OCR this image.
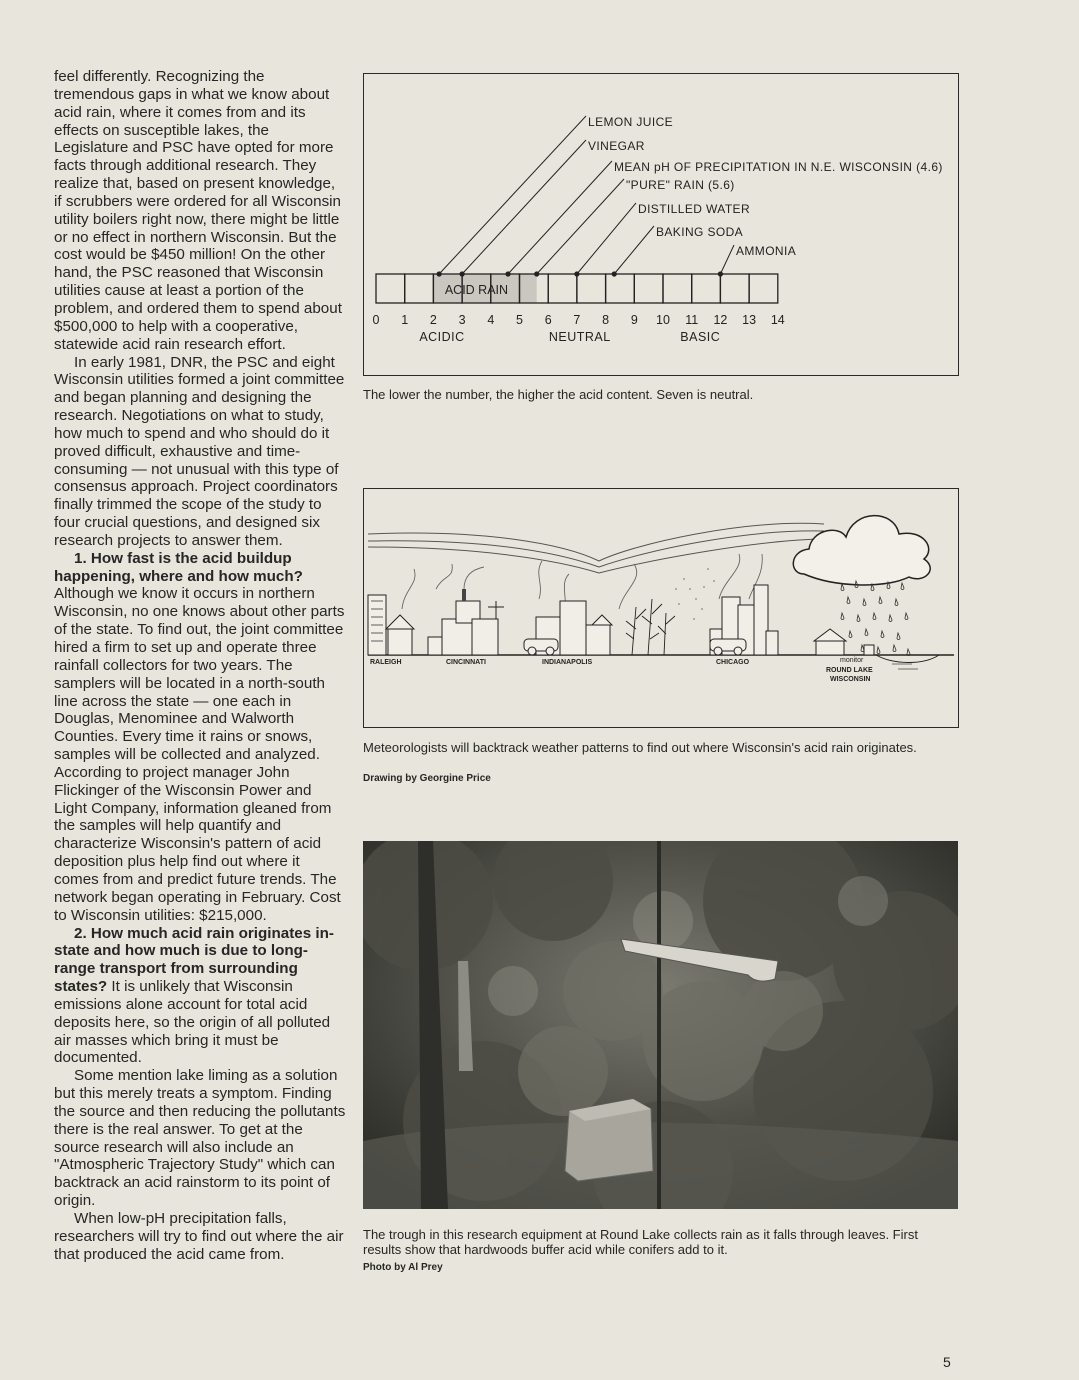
feel differently. Recognizing the tremendous gaps in what we know about acid rain, where it comes from and its effects on susceptible lakes, the Legislature and PSC have opted for more facts through additional research. They realize that, based on present knowledge, if scrubbers were ordered for all Wisconsin utility boilers right now, there might be little or no effect in northern Wisconsin. But the cost would be $450 million! On the other hand, the PSC reasoned that Wisconsin utilities cause at least a portion of the problem, and ordered them to spend about $500,000 to help with a cooperative, statewide acid rain research effort.

In early 1981, DNR, the PSC and eight Wisconsin utilities formed a joint committee and began planning and designing the research. Negotiations on what to study, how much to spend and who should do it proved difficult, exhaustive and time-consuming — not unusual with this type of consensus approach. Project coordinators finally trimmed the scope of the study to four crucial questions, and designed six research projects to answer them.

1. How fast is the acid buildup happening, where and how much? Although we know it occurs in northern Wisconsin, no one knows about other parts of the state. To find out, the joint committee hired a firm to set up and operate three rainfall collectors for two years. The samplers will be located in a north-south line across the state — one each in Douglas, Menominee and Walworth Counties. Every time it rains or snows, samples will be collected and analyzed. According to project manager John Flickinger of the Wisconsin Power and Light Company, information gleaned from the samples will help quantify and characterize Wisconsin's pattern of acid deposition plus help find out where it comes from and predict future trends. The network began operating in February. Cost to Wisconsin utilities: $215,000.

2. How much acid rain originates in-state and how much is due to long-range transport from surrounding states? It is unlikely that Wisconsin emissions alone account for total acid deposits here, so the origin of all polluted air masses which bring it must be documented.

Some mention lake liming as a solution but this merely treats a symptom. Finding the source and then reducing the pollutants there is the real answer. To get at the source research will also include an "Atmospheric Trajectory Study" which can backtrack an acid rainstorm to its point of origin.

When low-pH precipitation falls, researchers will try to find out where the air that produced the acid came from.

ACID RAIN
0 1 2 3 4 5 6 7 8 9 10 11 12 13 14
ACIDIC	NEUTRAL	BASIC
LEMON JUICE
VINEGAR
MEAN pH OF PRECIPITATION IN N.E. WISCONSIN (4.6)
"PURE" RAIN (5.6)
DISTILLED WATER
BAKING SODA
AMMONIA
The lower the number, the higher the acid content. Seven is neutral.
RALEIGH	CINCINNATI	INDIANAPOLIS	CHICAGO	monitor
ROUND LAKE
WISCONSIN
Meteorologists will backtrack weather patterns to find out where Wisconsin's acid rain originates.
Drawing by Georgine Price
The trough in this research equipment at Round Lake collects rain as it falls through leaves. First results show that hardwoods buffer acid while conifers add to it.
Photo by Al Prey
5
